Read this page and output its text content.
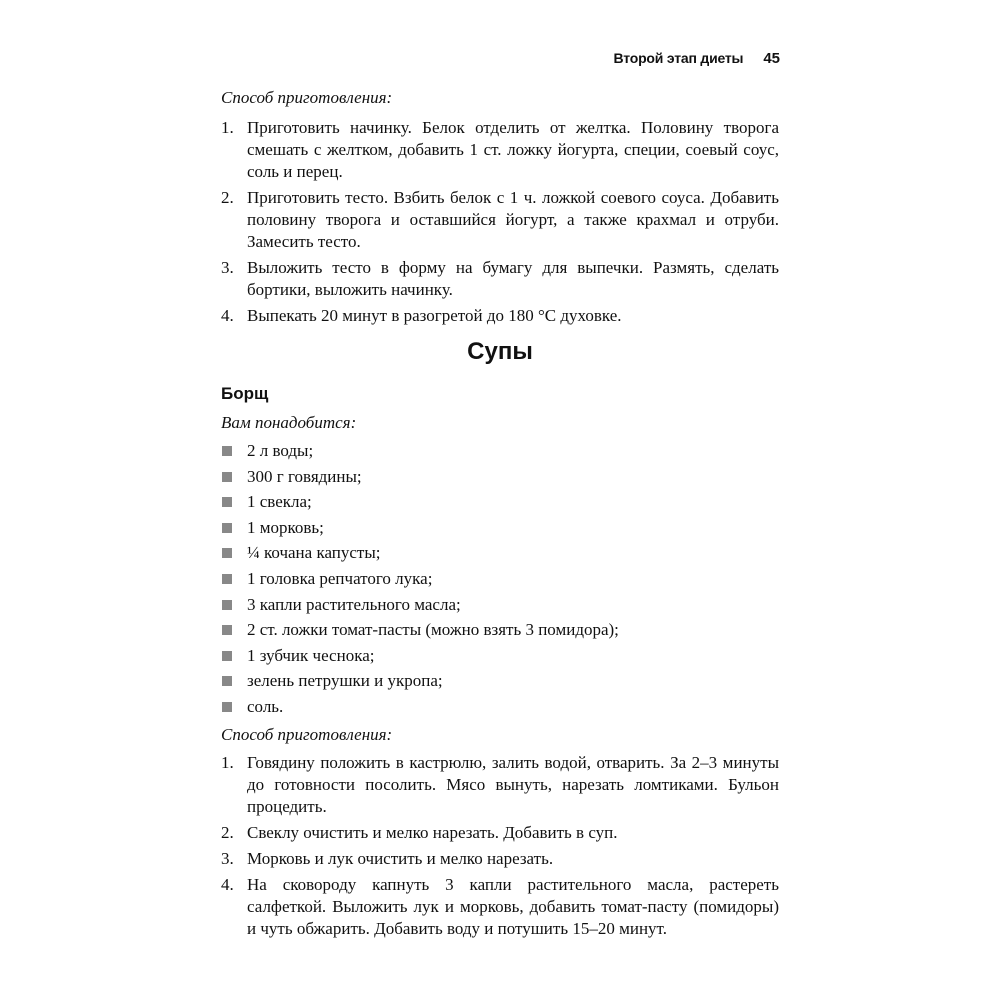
Второй этап диеты 45
Способ приготовления:
1. Приготовить начинку. Белок отделить от желтка. Половину творога смешать с желтком, добавить 1 ст. ложку йогурта, специи, соевый соус, соль и перец.
2. Приготовить тесто. Взбить белок с 1 ч. ложкой соевого соуса. Добавить половину творога и оставшийся йогурт, а также крахмал и отруби. Замесить тесто.
3. Выложить тесто в форму на бумагу для выпечки. Размять, сделать бортики, выложить начинку.
4. Выпекать 20 минут в разогретой до 180 °С духовке.
Супы
Борщ
Вам понадобится:
2 л воды;
300 г говядины;
1 свекла;
1 морковь;
¼ кочана капусты;
1 головка репчатого лука;
3 капли растительного масла;
2 ст. ложки томат-пасты (можно взять 3 помидора);
1 зубчик чеснока;
зелень петрушки и укропа;
соль.
Способ приготовления:
1. Говядину положить в кастрюлю, залить водой, отварить. За 2–3 минуты до готовности посолить. Мясо вынуть, нарезать ломтиками. Бульон процедить.
2. Свеклу очистить и мелко нарезать. Добавить в суп.
3. Морковь и лук очистить и мелко нарезать.
4. На сковороду капнуть 3 капли растительного масла, растереть салфеткой. Выложить лук и морковь, добавить томат-пасту (помидоры) и чуть обжарить. Добавить воду и потушить 15–20 минут.
